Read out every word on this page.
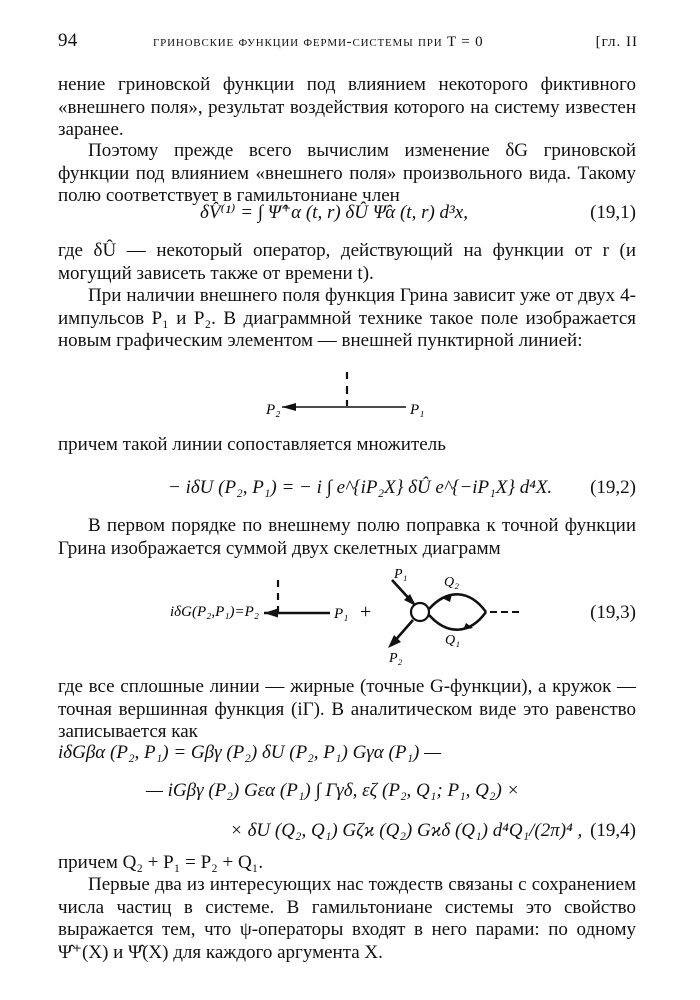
94	гриновские функции ферми-системы при T = 0	[гл. II
нение гриновской функции под влиянием некоторого фиктивного «внешнего поля», результат воздействия которого на систему известен заранее.
Поэтому прежде всего вычислим изменение δG гриновской функции под влиянием «внешнего поля» произвольного вида. Такому полю соответствует в гамильтониане член
δV̂⁽¹⁾ = ∫ Ψ̂⁺α (t, r) δÛ Ψ̂α (t, r) d³x,	(19,1)
где δÛ — некоторый оператор, действующий на функции от r (и могущий зависеть также от времени t).
При наличии внешнего поля функция Грина зависит уже от двух 4-импульсов P₁ и P₂. В диаграммной технике такое поле изображается новым графическим элементом — внешней пунктирной линией:
P₂	P₁
причем такой линии сопоставляется множитель
− iδU (P₂, P₁) = − i ∫ e^{iP₂X} δÛ e^{−iP₁X} d⁴X. (19,2)
В первом порядке по внешнему полю поправка к точной функции Грина изображается суммой двух скелетных диаграмм
iδG(P₂,P₁)=P₂	P₁ +
P₁
P₂
Q₂
Q₁
(19,3)
где все сплошные линии — жирные (точные G-функции), а кружок — точная вершинная функция (iΓ). В аналитическом виде это равенство записывается как
iδGβα (P₂, P₁) = Gβγ (P₂) δU (P₂, P₁) Gγα (P₁) —
— iGβγ (P₂) Gεα (P₁) ∫ Γγδ, εζ (P₂, Q₁; P₁, Q₂) ×
× δU (Q₂, Q₁) Gζϰ (Q₂) Gϰδ (Q₁) d⁴Q₁/(2π)⁴ , (19,4)
причем Q₂ + P₁ = P₂ + Q₁.
Первые два из интересующих нас тождеств связаны с сохранением числа частиц в системе. В гамильтониане системы это свойство выражается тем, что ψ-операторы входят в него парами: по одному Ψ̂⁺(X) и Ψ̂(X) для каждого аргумента X.
